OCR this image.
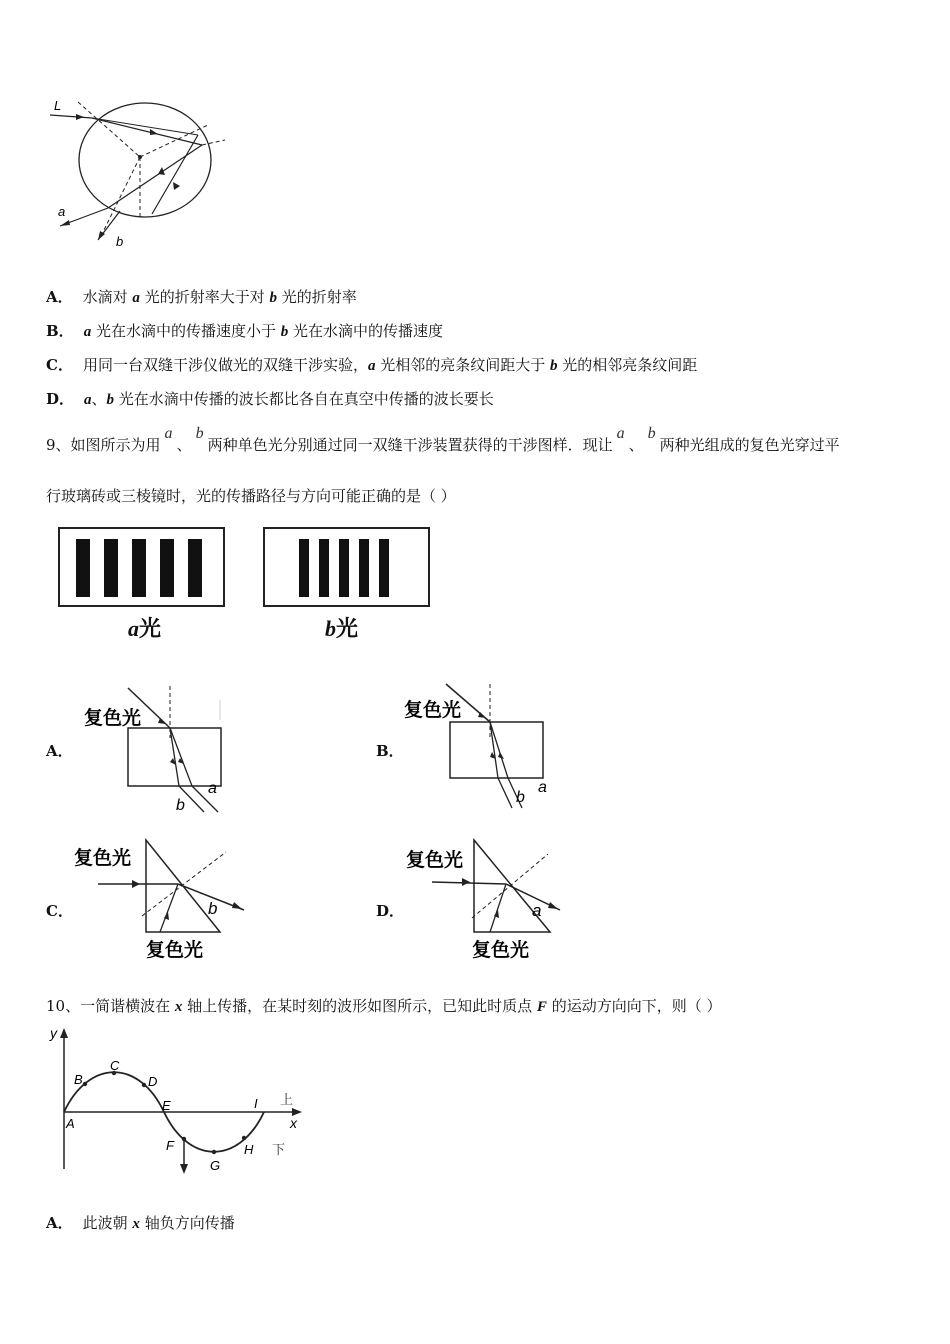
L
a
b
A． 水滴对 a 光的折射率大于对 b 光的折射率
B． a 光在水滴中的传播速度小于 b 光在水滴中的传播速度
C． 用同一台双缝干涉仪做光的双缝干涉实验，a 光相邻的亮条纹间距大于 b 光的相邻亮条纹间距
D． a、b 光在水滴中传播的波长都比各自在真空中传播的波长要长
9、如图所示为用a、b两种单色光分别通过同一双缝干涉装置获得的干涉图样．现让a、b两种光组成的复色光穿过平
行玻璃砖或三棱镜时，光的传播路径与方向可能正确的是（ ）
a光	b光
A．
复色光
b
a
B．
复色光
b
a
C．
复色光
复色光
b	D．
复色光
复色光
a
10、一简谐横波在 x 轴上传播，在某时刻的波形如图所示，已知此时质点 F 的运动方向向下，则（ ）
y
x
A
B
C
D
E
F
G
H
I 上
下
A． 此波朝 x 轴负方向传播
